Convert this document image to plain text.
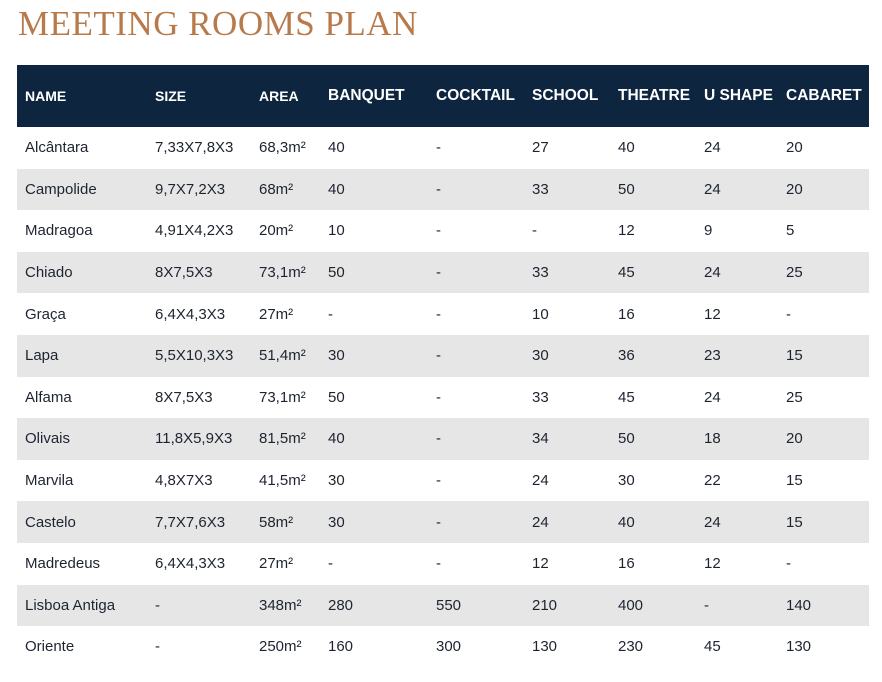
MEETING ROOMS PLAN
NAME	SIZE	AREA	BANQUET	COCKTAIL	SCHOOL	THEATRE	U SHAPE	CABARET
Alcântara	7,33X7,8X3	68,3m²	40	-	27	40	24	20
Campolide	9,7X7,2X3	68m²	40	-	33	50	24	20
Madragoa	4,91X4,2X3	20m²	10	-	-	12	9	5
Chiado	8X7,5X3	73,1m²	50	-	33	45	24	25
Graça	6,4X4,3X3	27m²	-	-	10	16	12	-
Lapa	5,5X10,3X3	51,4m²	30	-	30	36	23	15
Alfama	8X7,5X3	73,1m²	50	-	33	45	24	25
Olivais	11,8X5,9X3	81,5m²	40	-	34	50	18	20
Marvila	4,8X7X3	41,5m²	30	-	24	30	22	15
Castelo	7,7X7,6X3	58m²	30	-	24	40	24	15
Madredeus	6,4X4,3X3	27m²	-	-	12	16	12	-
Lisboa Antiga	-	348m²	280	550	210	400	-	140
Oriente	-	250m²	160	300	130	230	45	130
